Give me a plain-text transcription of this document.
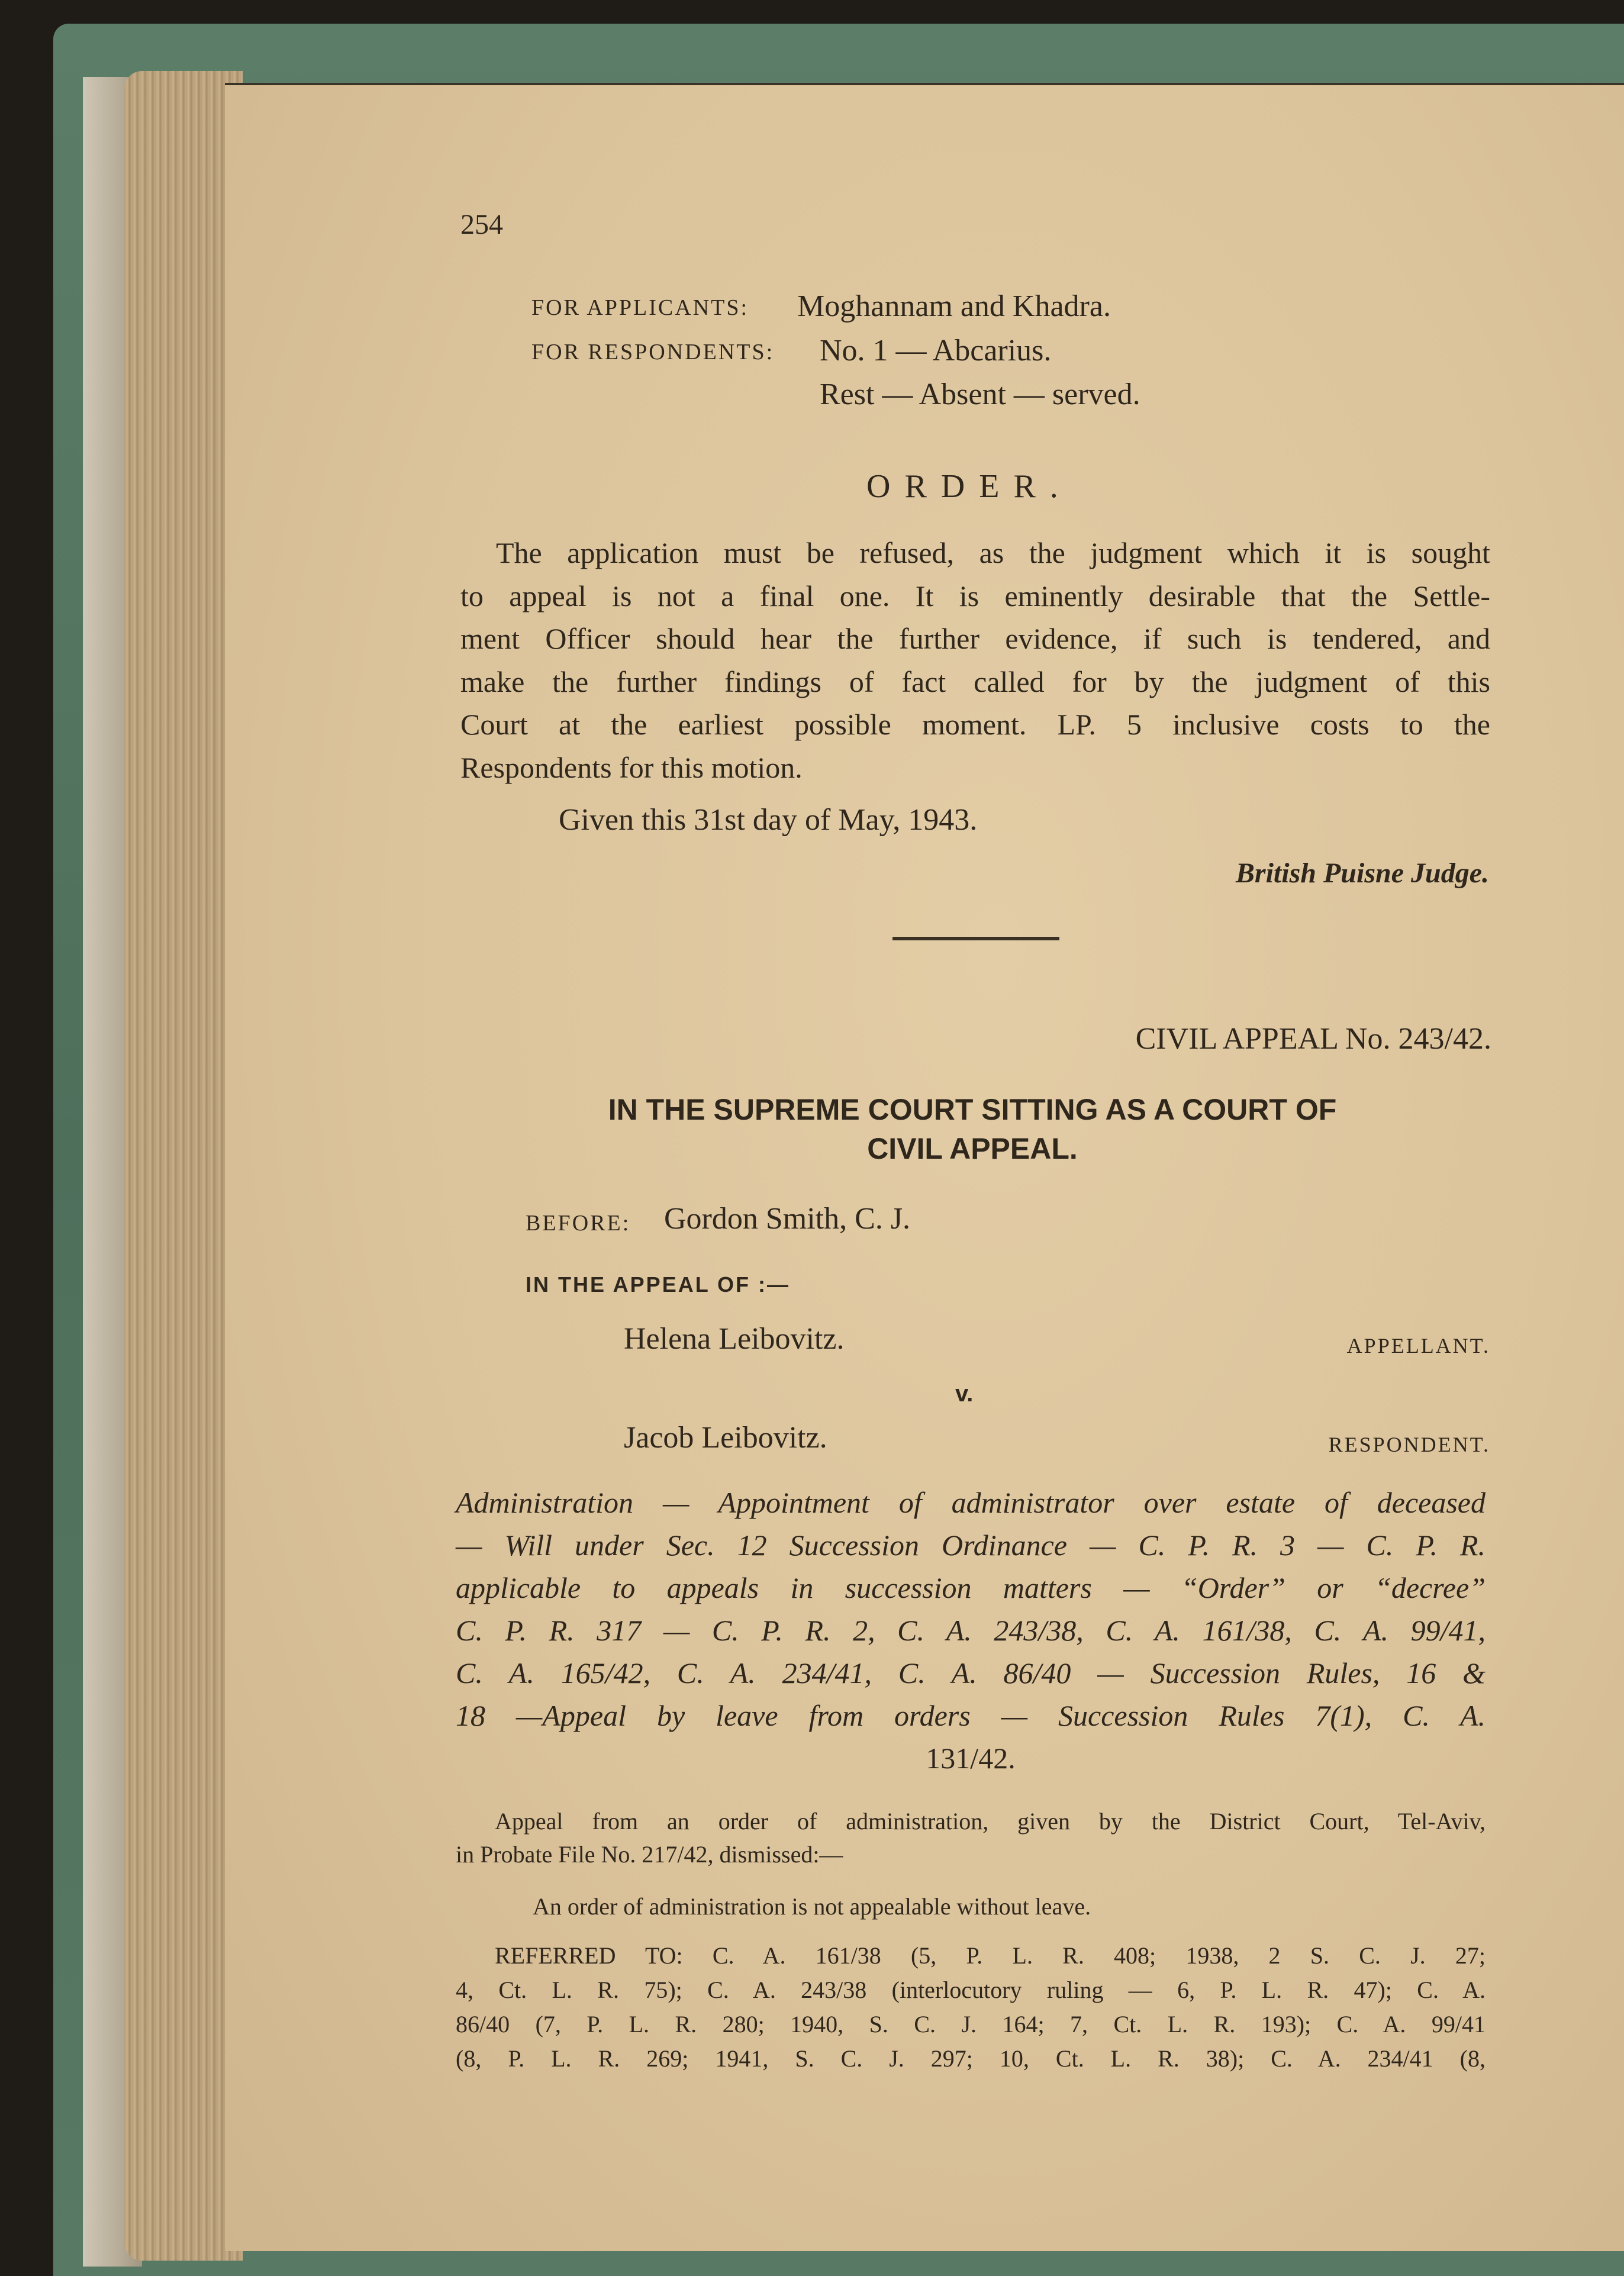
254
FOR APPLICANTS: Moghannam and Khadra.
FOR RESPONDENTS: No. 1 — Abcarius.
Rest — Absent — served.
ORDER.
The application must be refused, as the judgment which it is sought
to appeal is not a final one. It is eminently desirable that the Settle-
ment Officer should hear the further evidence, if such is tendered, and
make the further findings of fact called for by the judgment of this
Court at the earliest possible moment. LP. 5 inclusive costs to the
Respondents for this motion.
Given this 31st day of May, 1943.
British Puisne Judge.
CIVIL APPEAL No. 243/42.
IN THE SUPREME COURT SITTING AS A COURT OF
CIVIL APPEAL.
BEFORE: Gordon Smith, C. J.
IN THE APPEAL OF :—
Helena Leibovitz.	APPELLANT.
v.
Jacob Leibovitz.	RESPONDENT.
Administration — Appointment of administrator over estate of deceased
— Will under Sec. 12 Succession Ordinance — C. P. R. 3 — C. P. R.
applicable to appeals in succession matters — “Order” or “decree”
C. P. R. 317 — C. P. R. 2, C. A. 243/38, C. A. 161/38, C. A. 99/41,
C. A. 165/42, C. A. 234/41, C. A. 86/40 — Succession Rules, 16 &
18 —Appeal by leave from orders — Succession Rules 7(1), C. A.
131/42.
Appeal from an order of administration, given by the District Court, Tel-Aviv,
in Probate File No. 217/42, dismissed:—
An order of administration is not appealable without leave.
REFERRED TO: C. A. 161/38 (5, P. L. R. 408; 1938, 2 S. C. J. 27;
4, Ct. L. R. 75); C. A. 243/38 (interlocutory ruling — 6, P. L. R. 47); C. A.
86/40 (7, P. L. R. 280; 1940, S. C. J. 164; 7, Ct. L. R. 193); C. A. 99/41
(8, P. L. R. 269; 1941, S. C. J. 297; 10, Ct. L. R. 38); C. A. 234/41 (8,
